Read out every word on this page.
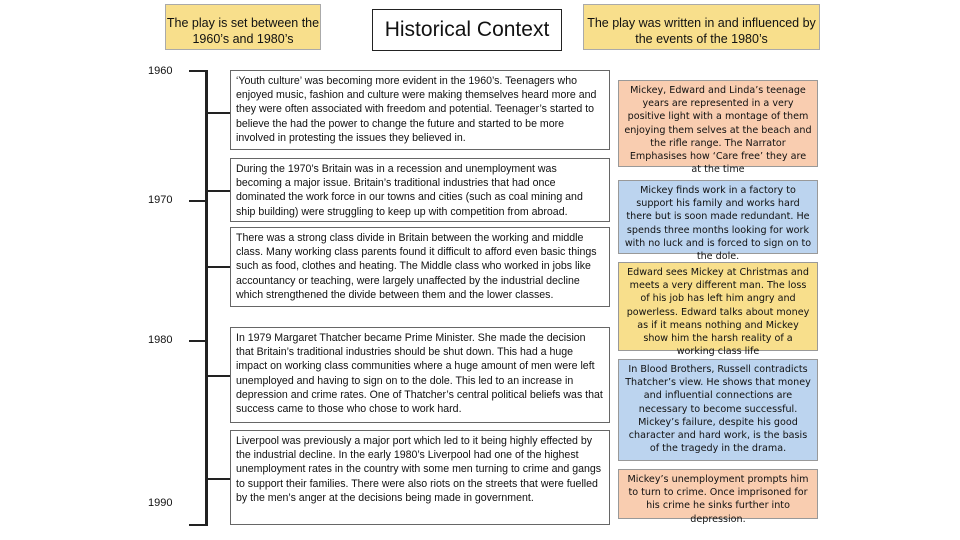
The play is set between the 1960’s and 1980’s	Historical Context	The play was written in and influenced by the events of the 1980’s
1960
1970
1980
1990
‘Youth culture’ was becoming more evident in the 1960’s. Teenagers who enjoyed music, fashion and culture were making themselves heard more and they were often associated with freedom and potential. Teenager’s started to believe the had the power to change the future and started to be more involved in protesting the issues they believed in.
During the 1970’s Britain was in a recession and unemployment was becoming a major issue. Britain’s traditional industries that had once dominated the work force in our towns and cities (such as coal mining and ship building) were struggling to keep up with competition from abroad.
There was a strong class divide in Britain between the working and middle class. Many working class parents found it difficult to afford even basic things such as food, clothes and heating. The Middle class who worked in jobs like accountancy or teaching, were largely unaffected by the industrial decline which strengthened the divide between them and the lower classes.
In 1979 Margaret Thatcher became Prime Minister. She made the decision that Britain’s traditional industries should be shut down. This had a huge impact on working class communities where a huge amount of men were left unemployed and having to sign on to the dole. This led to an increase in depression and crime rates. One of Thatcher’s central political beliefs was that success came to those who chose to work hard.
Liverpool was previously a major port which led to it being highly effected by the industrial decline. In the early 1980’s Liverpool had one of the highest unemployment rates in the country with some men turning to crime and gangs to support their families. There were also riots on the streets that were fuelled by the men’s anger at the decisions being made in government.
Mickey, Edward and Linda’s teenage years are represented in a very positive light with a montage of them enjoying them selves at the beach and the rifle range. The Narrator Emphasises how ‘Care free’ they are at the time
Mickey finds work in a factory to support his family and works hard there but is soon made redundant. He spends three months looking for work with no luck and is forced to sign on to the dole.
Edward sees Mickey at Christmas and meets a very different man. The loss of his job has left him angry and powerless. Edward talks about money as if it means nothing and Mickey show him the harsh reality of a working class life
In Blood Brothers, Russell contradicts Thatcher’s view. He shows that money and influential connections are necessary to become successful. Mickey’s failure, despite his good character and hard work, is the basis of the tragedy in the drama.
Mickey’s unemployment prompts him to turn to crime. Once imprisoned for his crime he sinks further into depression.
